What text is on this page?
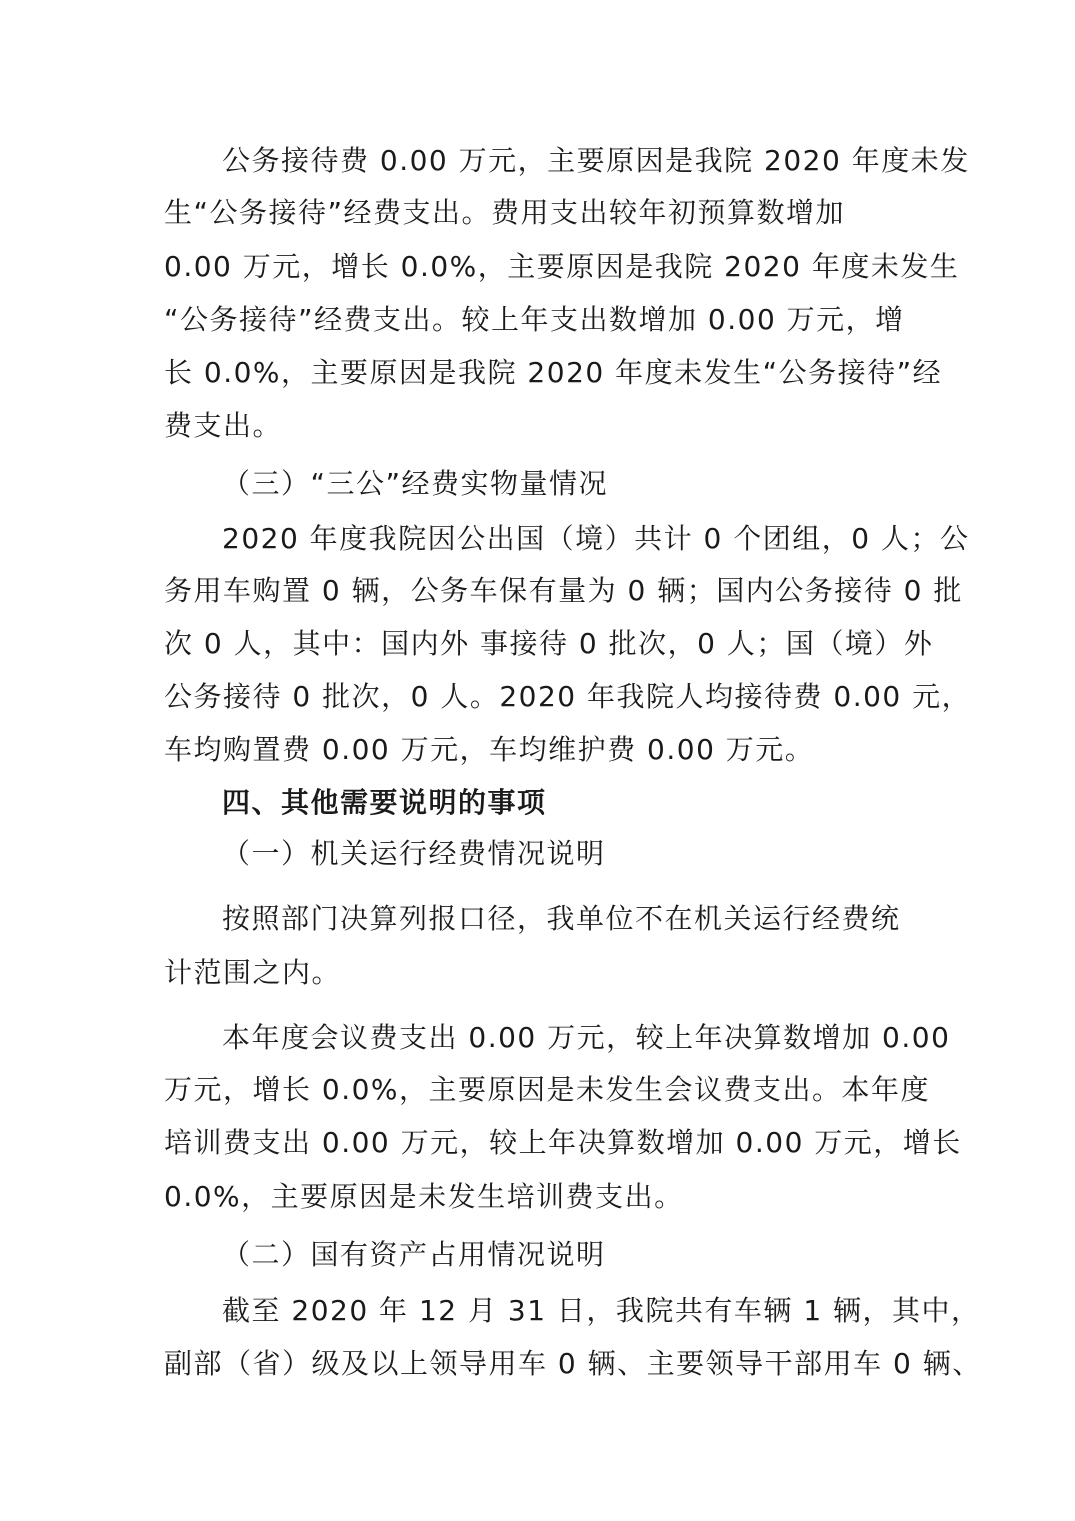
公务接待费 0.00 万元，主要原因是我院 2020 年度未发
生“公务接待”经费支出。费用支出较年初预算数增加
0.00 万元，增长 0.0%，主要原因是我院 2020 年度未发生
“公务接待”经费支出。较上年支出数增加 0.00 万元，增
长 0.0%，主要原因是我院 2020 年度未发生“公务接待”经
费支出。
（三）“三公”经费实物量情况
2020 年度我院因公出国（境）共计 0 个团组，0 人；公
务用车购置 0 辆，公务车保有量为 0 辆；国内公务接待 0 批
次 0 人，其中：国内外 事接待 0 批次，0 人；国（境）外
公务接待 0 批次，0 人。2020 年我院人均接待费 0.00 元，
车均购置费 0.00 万元，车均维护费 0.00 万元。
四、其他需要说明的事项
（一）机关运行经费情况说明
按照部门决算列报口径，我单位不在机关运行经费统
计范围之内。
本年度会议费支出 0.00 万元，较上年决算数增加 0.00
万元，增长 0.0%，主要原因是未发生会议费支出。本年度
培训费支出 0.00 万元，较上年决算数增加 0.00 万元，增长
0.0%，主要原因是未发生培训费支出。
（二）国有资产占用情况说明
截至 2020 年 12 月 31 日，我院共有车辆 1 辆，其中，
副部（省）级及以上领导用车 0 辆、主要领导干部用车 0 辆、
